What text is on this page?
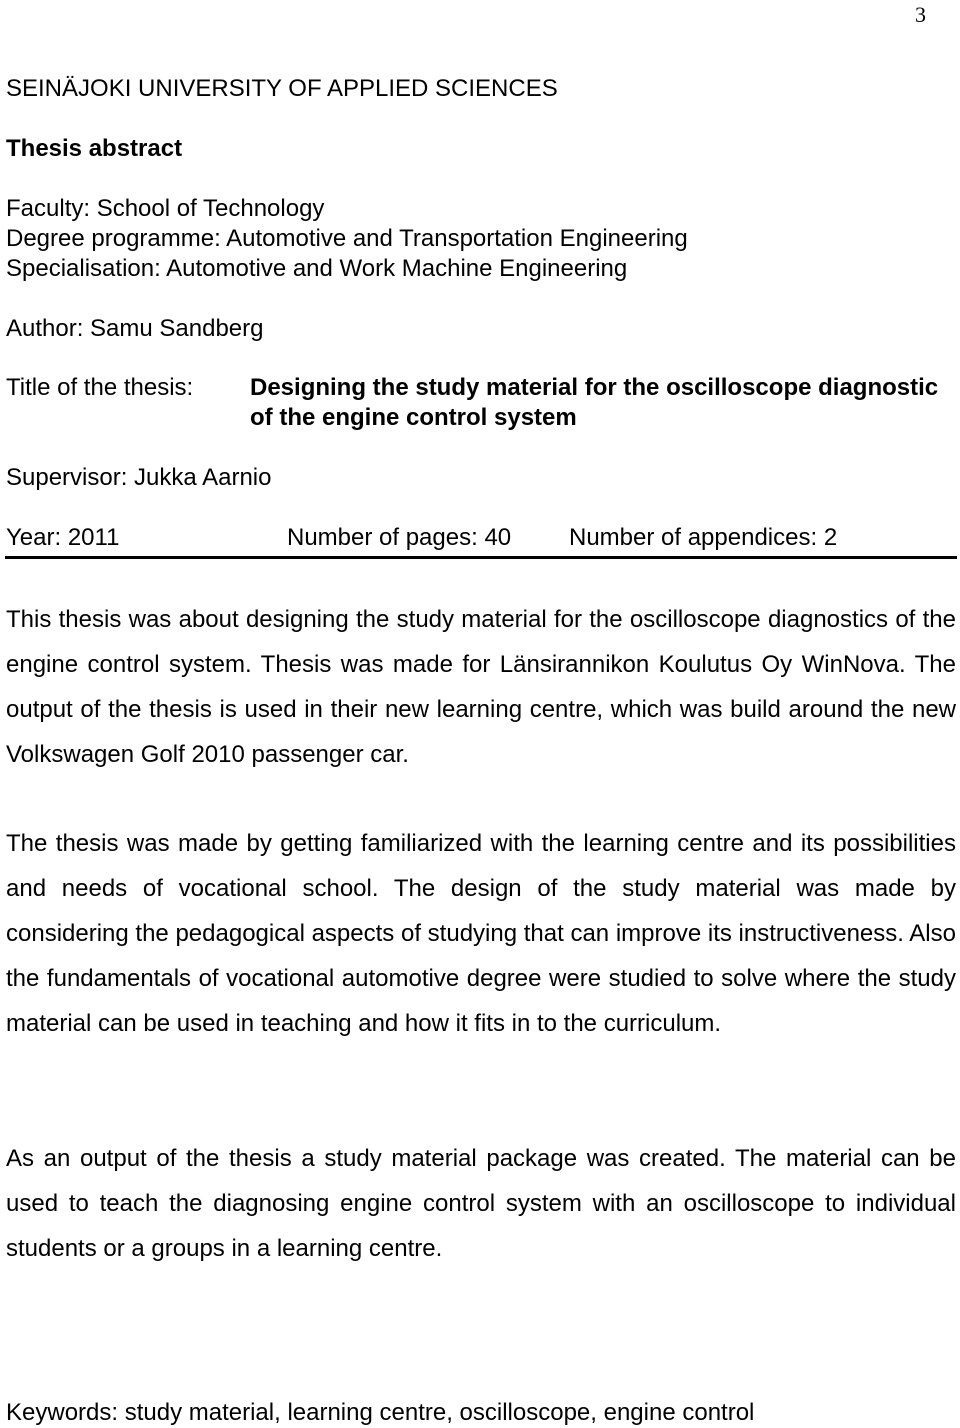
3
SEINÄJOKI UNIVERSITY OF APPLIED SCIENCES
Thesis abstract
Faculty: School of Technology
Degree programme: Automotive and Transportation Engineering
Specialisation: Automotive and Work Machine Engineering
Author: Samu Sandberg
Title of the thesis: Designing the study material for the oscilloscope diagnostic
of the engine control system
Supervisor: Jukka Aarnio
Year: 2011	Number of pages: 40 Number of appendices: 2

This thesis was about designing the study material for the oscilloscope diagnostics of the engine control system. Thesis was made for Länsirannikon Koulutus Oy WinNova. The output of the thesis is used in their new learning centre, which was build around the new Volkswagen Golf 2010 passenger car.

The thesis was made by getting familiarized with the learning centre and its possibilities and needs of vocational school. The design of the study material was made by considering the pedagogical aspects of studying that can improve its instructiveness. Also the fundamentals of vocational automotive degree were studied to solve where the study material can be used in teaching and how it fits in to the curriculum.

As an output of the thesis a study material package was created. The material can be used to teach the diagnosing engine control system with an oscilloscope to individual students or a groups in a learning centre.

Keywords: study material, learning centre, oscilloscope, engine control
